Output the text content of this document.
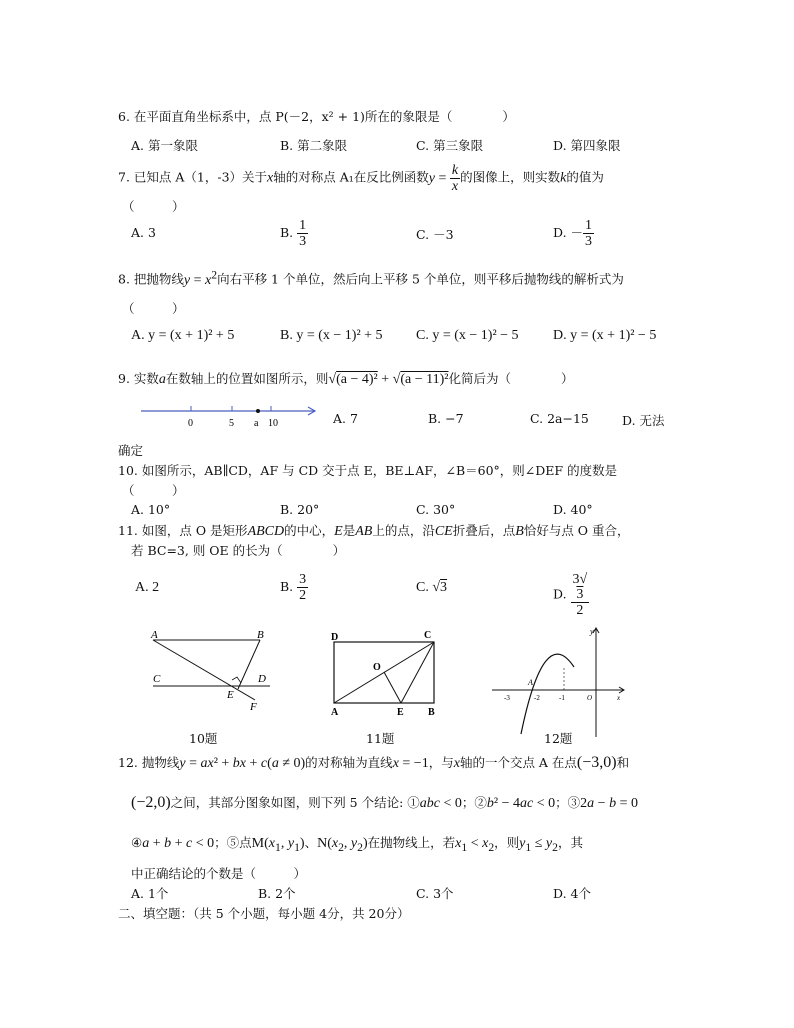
6. 在平面直角坐标系中，点 P(－2，x² + 1)所在的象限是（　　　　）
A. 第一象限	B. 第二象限	C. 第三象限	D. 第四象限
7. 已知点 A（1，-3）关于x轴的对称点 A₁在反比例函数$y = \frac{k}{x}$ 的图像上，则实数k的值为
（　　　）
A. 3	B. $\frac{1}{3}$	C. －3	D. － $\frac{1}{3}$
8. 把抛物线$y = x^2$向右平移 1 个单位，然后向上平移 5 个单位，则平移后抛物线的解析式为
（　　　）
A. y = (x + 1)² + 5	B. y = (x − 1)² + 5 C. y = (x − 1)² − 5 D. y = (x + 1)² − 5
9. 实数a在数轴上的位置如图所示，则√(a − 4)² + √(a − 11)²化简后为（　　　　）
0	5 a 10	A. 7	B. −7	C. 2a−15	D. 无法
确定
10. 如图所示，AB∥CD，AF 与 CD 交于点 E，BE⊥AF，∠B＝60°，则∠DEF 的度数是
（　　　）
A. 10°	B. 20°	C. 30°	D. 40°
11. 如图，点 O 是矩形ABCD的中心，E是AB上的点，沿CE折叠后，点B恰好与点 O 重合，
若 BC=3, 则 OE 的长为（　　　　）
A. 2	B. $\frac{3}{2}$	C. √3	D. 3√
3
2
A	B
C	D
E
F
10题
D	C
O
A	E B
11题
y
A
-3	-2	-1	O	x
12题
12. 抛物线y = ax² + bx + c(a ≠ 0)的对称轴为直线x = −1，与x轴的一个交点 A 在点(−3,0)和
(−2,0)之间，其部分图象如图，则下列 5 个结论: ①abc < 0；②b² − 4ac < 0；③2a − b = 0
④a + b + c < 0；⑤点$M(x_1$, $y_1$)、$N(x_2$, $y_2$)在抛物线上，若$x_1 < x_2$，则$y_1 \le y_2$，其
中正确结论的个数是（　　　）
A. 1个	B. 2个	C. 3个	D. 4个
二、填空题：（共 5 个小题，每小题 4分，共 20分）
